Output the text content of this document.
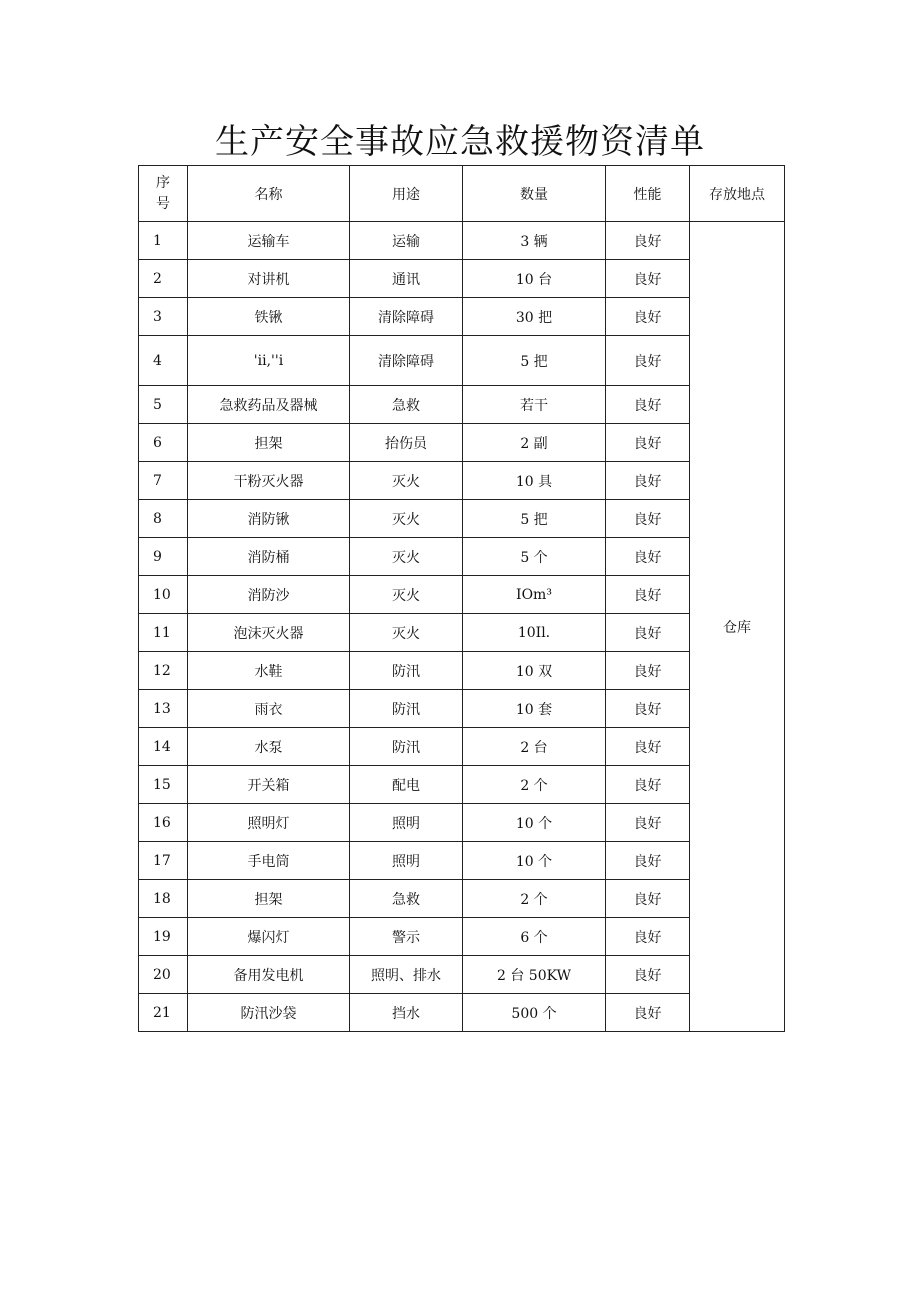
生产安全事故应急救援物资清单
序
号	名称	用途	数量	性能	存放地点
1	运输车	运输	3 辆	良好	仓库
2	对讲机	通讯	10 台	良好	
3	铁锹	清除障碍	30 把	良好	
4	'ii,''i	清除障碍	5 把	良好	
5	急救药品及器械	急救	若干	良好	
6	担架	抬伤员	2 副	良好	
7	干粉灭火器	灭火	10 具	良好	
8	消防锹	灭火	5 把	良好	
9	消防桶	灭火	5 个	良好	
10	消防沙	灭火	IOm³	良好	
11	泡沫灭火器	灭火	10Il.	良好	
12	水鞋	防汛	10 双	良好	
13	雨衣	防汛	10 套	良好	
14	水泵	防汛	2 台	良好	
15	开关箱	配电	2 个	良好	
16	照明灯	照明	10 个	良好	
17	手电筒	照明	10 个	良好	
18	担架	急救	2 个	良好	
19	爆闪灯	警示	6 个	良好	
20	备用发电机	照明、排水	2 台 50KW	良好	
21	防汛沙袋	挡水	500 个	良好	
